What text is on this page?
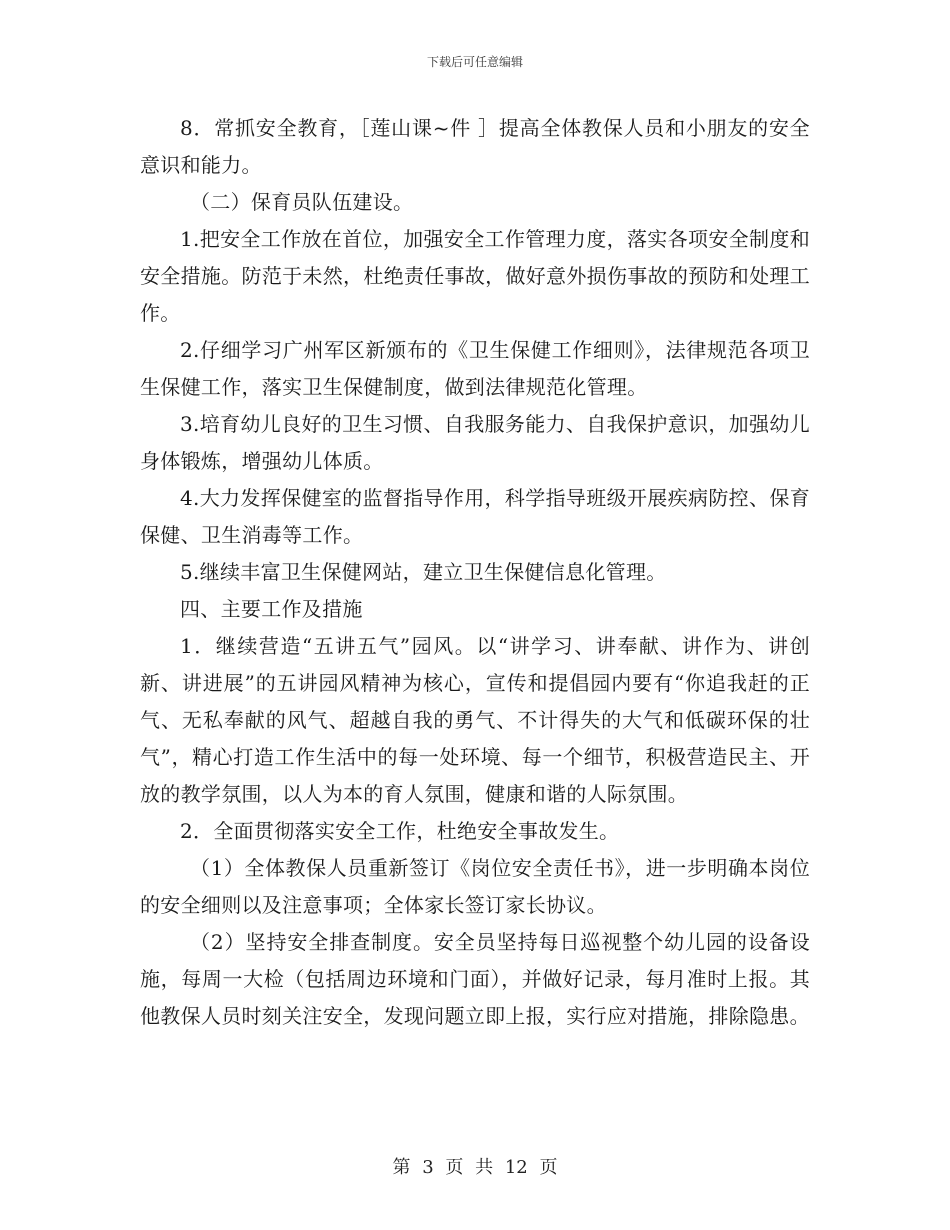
下载后可任意编辑

8．常抓安全教育，［莲山课~件 ］提高全体教保人员和小朋友的安全意识和能力。

（二）保育员队伍建设。

1.把安全工作放在首位，加强安全工作管理力度，落实各项安全制度和安全措施。防范于未然，杜绝责任事故，做好意外损伤事故的预防和处理工作。

2.仔细学习广州军区新颁布的《卫生保健工作细则》，法律规范各项卫生保健工作，落实卫生保健制度，做到法律规范化管理。

3.培育幼儿良好的卫生习惯、自我服务能力、自我保护意识，加强幼儿身体锻炼，增强幼儿体质。

4.大力发挥保健室的监督指导作用，科学指导班级开展疾病防控、保育保健、卫生消毒等工作。

5.继续丰富卫生保健网站，建立卫生保健信息化管理。

四、主要工作及措施

1．继续营造“五讲五气”园风。以“讲学习、讲奉献、讲作为、讲创新、讲进展”的五讲园风精神为核心，宣传和提倡园内要有“你追我赶的正气、无私奉献的风气、超越自我的勇气、不计得失的大气和低碳环保的壮气”，精心打造工作生活中的每一处环境、每一个细节，积极营造民主、开放的教学氛围，以人为本的育人氛围，健康和谐的人际氛围。

2．全面贯彻落实安全工作，杜绝安全事故发生。

（1）全体教保人员重新签订《岗位安全责任书》，进一步明确本岗位的安全细则以及注意事项；全体家长签订家长协议。

（2）坚持安全排查制度。安全员坚持每日巡视整个幼儿园的设备设施，每周一大检（包括周边环境和门面），并做好记录，每月准时上报。其他教保人员时刻关注安全，发现问题立即上报，实行应对措施，排除隐患。

第 3 页 共 12 页
